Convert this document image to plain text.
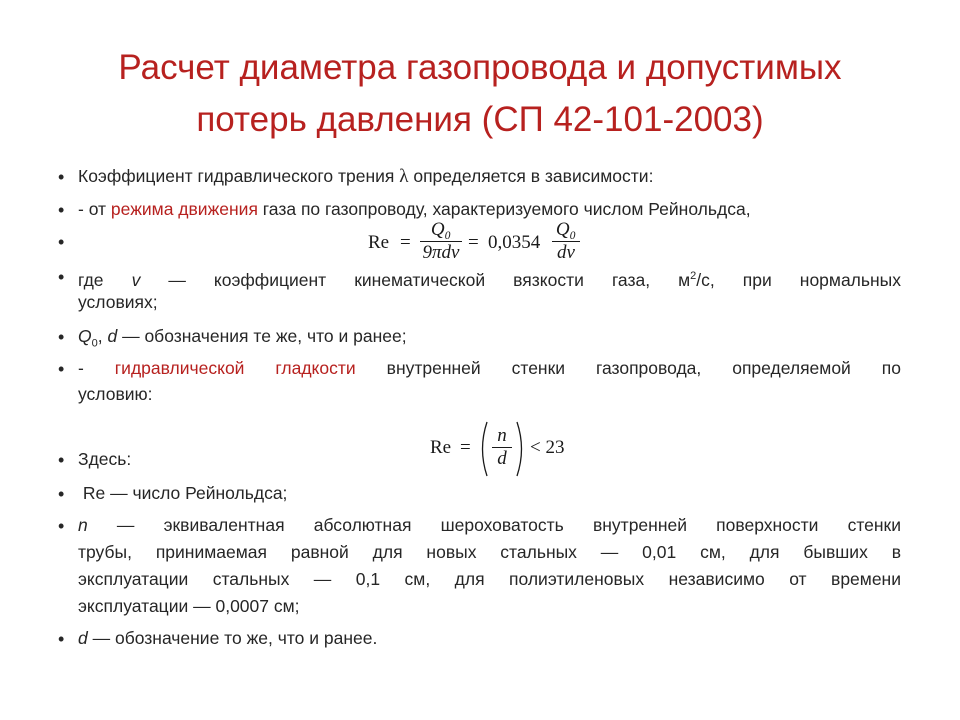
Расчет диаметра газопровода и допустимых
потерь давления (СП 42-101-2003)
• Коэффициент гидравлического трения λ определяется в зависимости:
• - от режима движения газа по газопроводу, характеризуемого числом Рейнольдса,
•	Re =
Q₀
9πdv = 0,0354
Q₀
dv
• где v — коэффициент кинематической вязкости газа, $м^2/с$, при нормальных
условиях;
• $Q_0$, d — обозначения те же, что и ранее;
• - гидравлической гладкости внутренней стенки газопровода, определяемой по
условию:
Re =
n
d
< 23
• Здесь:
• Re — число Рейнольдса;
• n — эквивалентная абсолютная шероховатость внутренней поверхности стенки
трубы, принимаемая равной для новых стальных — 0,01 см, для бывших в
эксплуатации стальных — 0,1 см, для полиэтиленовых независимо от времени
эксплуатации — 0,0007 см;
• d — обозначение то же, что и ранее.
